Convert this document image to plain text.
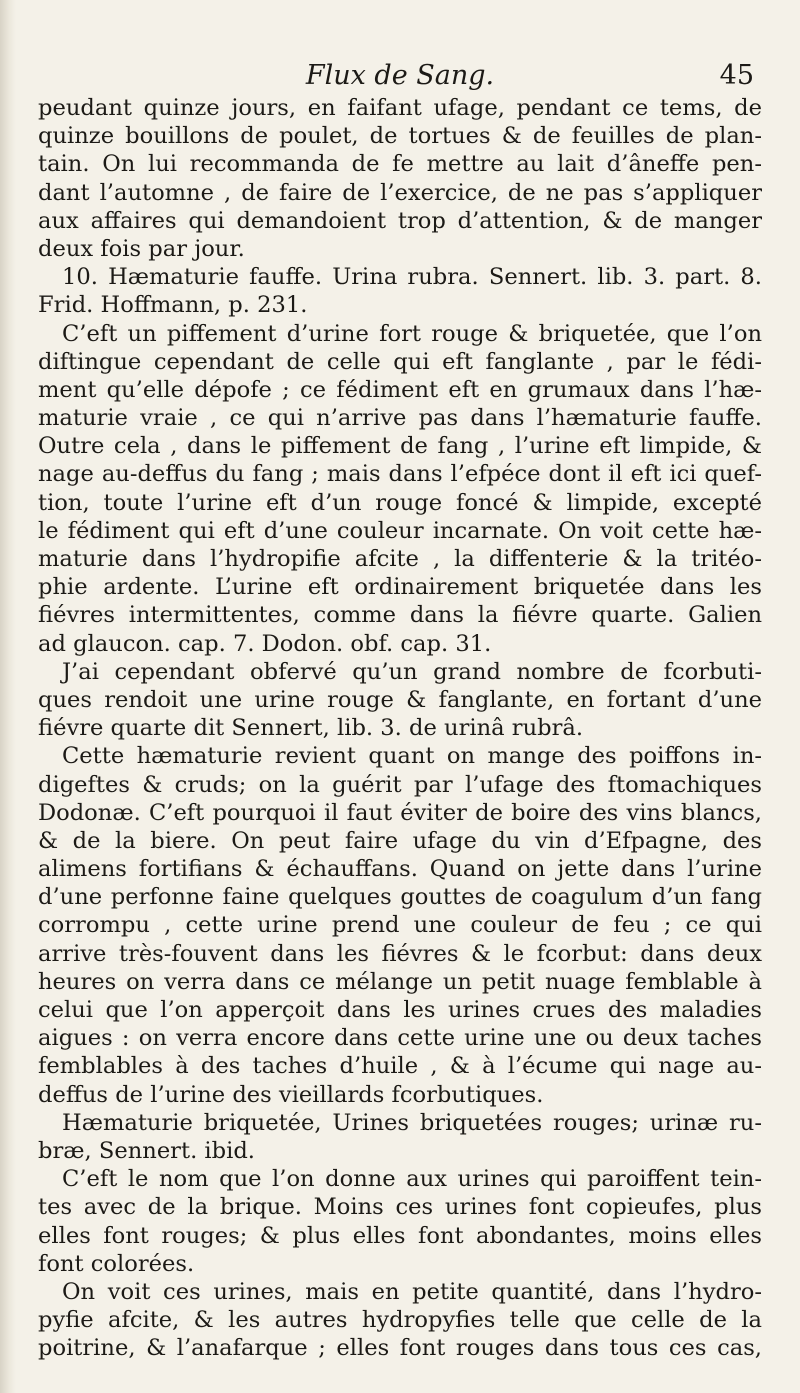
Flux de Sang.	45
peudant quinze jours, en faifant ufage, pendant ce tems, de
quinze bouillons de poulet, de tortues & de feuilles de plan-
tain. On lui recommanda de fe mettre au lait d’âneffe pen-
dant l’automne , de faire de l’exercice, de ne pas s’appliquer
aux affaires qui demandoient trop d’attention, & de manger
deux fois par jour.
10. Hæmaturie fauffe. Urina rubra. Sennert. lib. 3. part. 8.
Frid. Hoffmann, p. 231.
C’eft un piffement d’urine fort rouge & briquetée, que l’on
diftingue cependant de celle qui eft fanglante , par le fédi-
ment qu’elle dépofe ; ce fédiment eft en grumaux dans l’hæ-
maturie vraie , ce qui n’arrive pas dans l’hæmaturie fauffe.
Outre cela , dans le piffement de fang , l’urine eft limpide, &
nage au-deffus du fang ; mais dans l’efpéce dont il eft ici quef-
tion, toute l’urine eft d’un rouge foncé & limpide, excepté
le fédiment qui eft d’une couleur incarnate. On voit cette hæ-
maturie dans l’hydropifie afcite , la diffenterie & la tritéo-
phie ardente. L’urine eft ordinairement briquetée dans les
fiévres intermittentes, comme dans la fiévre quarte. Galien
ad glaucon. cap. 7. Dodon. obf. cap. 31.
J’ai cependant obfervé qu’un grand nombre de fcorbuti-
ques rendoit une urine rouge & fanglante, en fortant d’une
fiévre quarte dit Sennert, lib. 3. de urinâ rubrâ.
Cette hæmaturie revient quant on mange des poiffons in-
digeftes & cruds; on la guérit par l’ufage des ftomachiques
Dodonæ. C’eft pourquoi il faut éviter de boire des vins blancs,
& de la biere. On peut faire ufage du vin d’Efpagne, des
alimens fortifians & échauffans. Quand on jette dans l’urine
d’une perfonne faine quelques gouttes de coagulum d’un fang
corrompu , cette urine prend une couleur de feu ; ce qui
arrive très-fouvent dans les fiévres & le fcorbut: dans deux
heures on verra dans ce mélange un petit nuage femblable à
celui que l’on apperçoit dans les urines crues des maladies
aigues : on verra encore dans cette urine une ou deux taches
femblables à des taches d’huile , & à l’écume qui nage au-
deffus de l’urine des vieillards fcorbutiques.
Hæmaturie briquetée, Urines briquetées rouges; urinæ ru-
bræ, Sennert. ibid.
C’eft le nom que l’on donne aux urines qui paroiffent tein-
tes avec de la brique. Moins ces urines font copieufes, plus
elles font rouges; & plus elles font abondantes, moins elles
font colorées.
On voit ces urines, mais en petite quantité, dans l’hydro-
pyfie afcite, & les autres hydropyfies telle que celle de la
poitrine, & l’anafarque ; elles font rouges dans tous ces cas,
